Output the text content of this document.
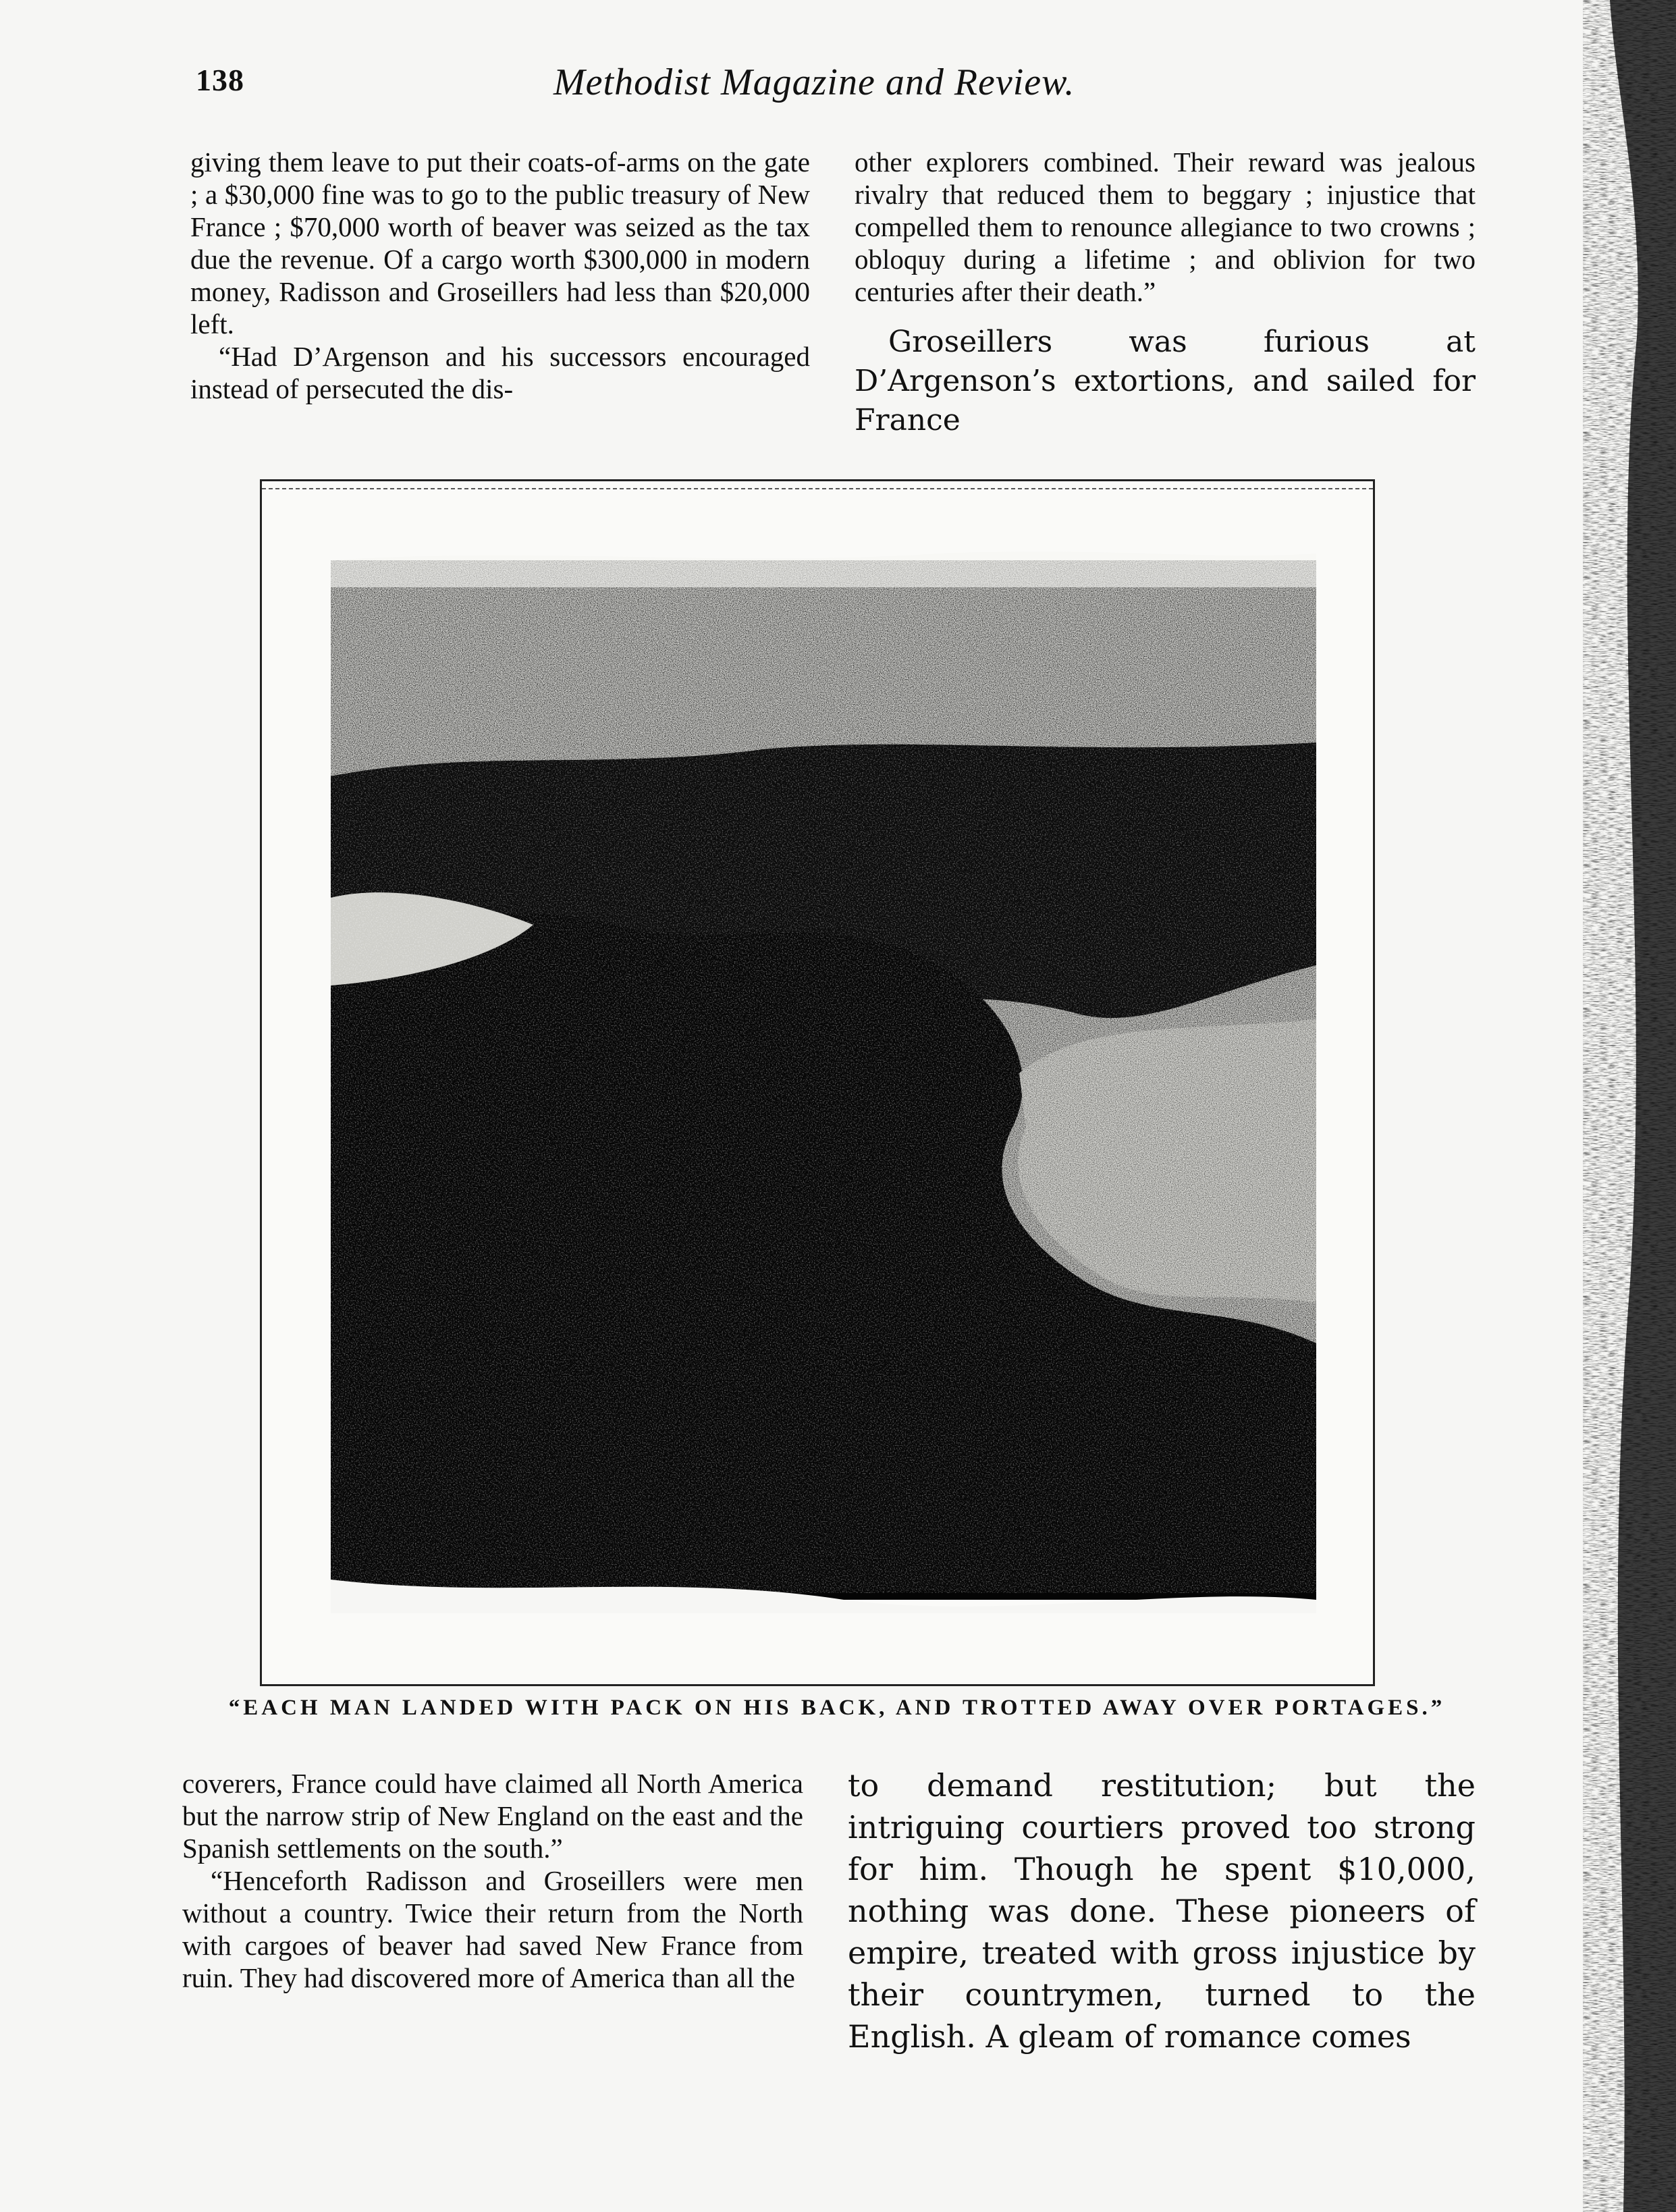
138	Methodist Magazine and Review.

giving them leave to put their coats-of-arms on the gate ; a $30,000 fine was to go to the public treasury of New France ; $70,000 worth of beaver was seized as the tax due the revenue. Of a cargo worth $300,000 in modern money, Radisson and Groseillers had less than $20,000 left.

“Had D’Argenson and his successors encouraged instead of persecuted the dis-

other explorers combined. Their reward was jealous rivalry that reduced them to beggary ; injustice that compelled them to renounce allegiance to two crowns ; obloquy during a lifetime ; and oblivion for two centuries after their death.”

Groseillers was furious at D’Argenson’s extortions, and sailed for France

“EACH MAN LANDED WITH PACK ON HIS BACK, AND TROTTED AWAY OVER PORTAGES.”

coverers, France could have claimed all North America but the narrow strip of New England on the east and the Spanish settlements on the south.”

“Henceforth Radisson and Groseillers were men without a country. Twice their return from the North with cargoes of beaver had saved New France from ruin. They had discovered more of America than all the

to demand restitution; but the intriguing courtiers proved too strong for him. Though he spent $10,000, nothing was done. These pioneers of empire, treated with gross injustice by their countrymen, turned to the English. A gleam of romance comes
